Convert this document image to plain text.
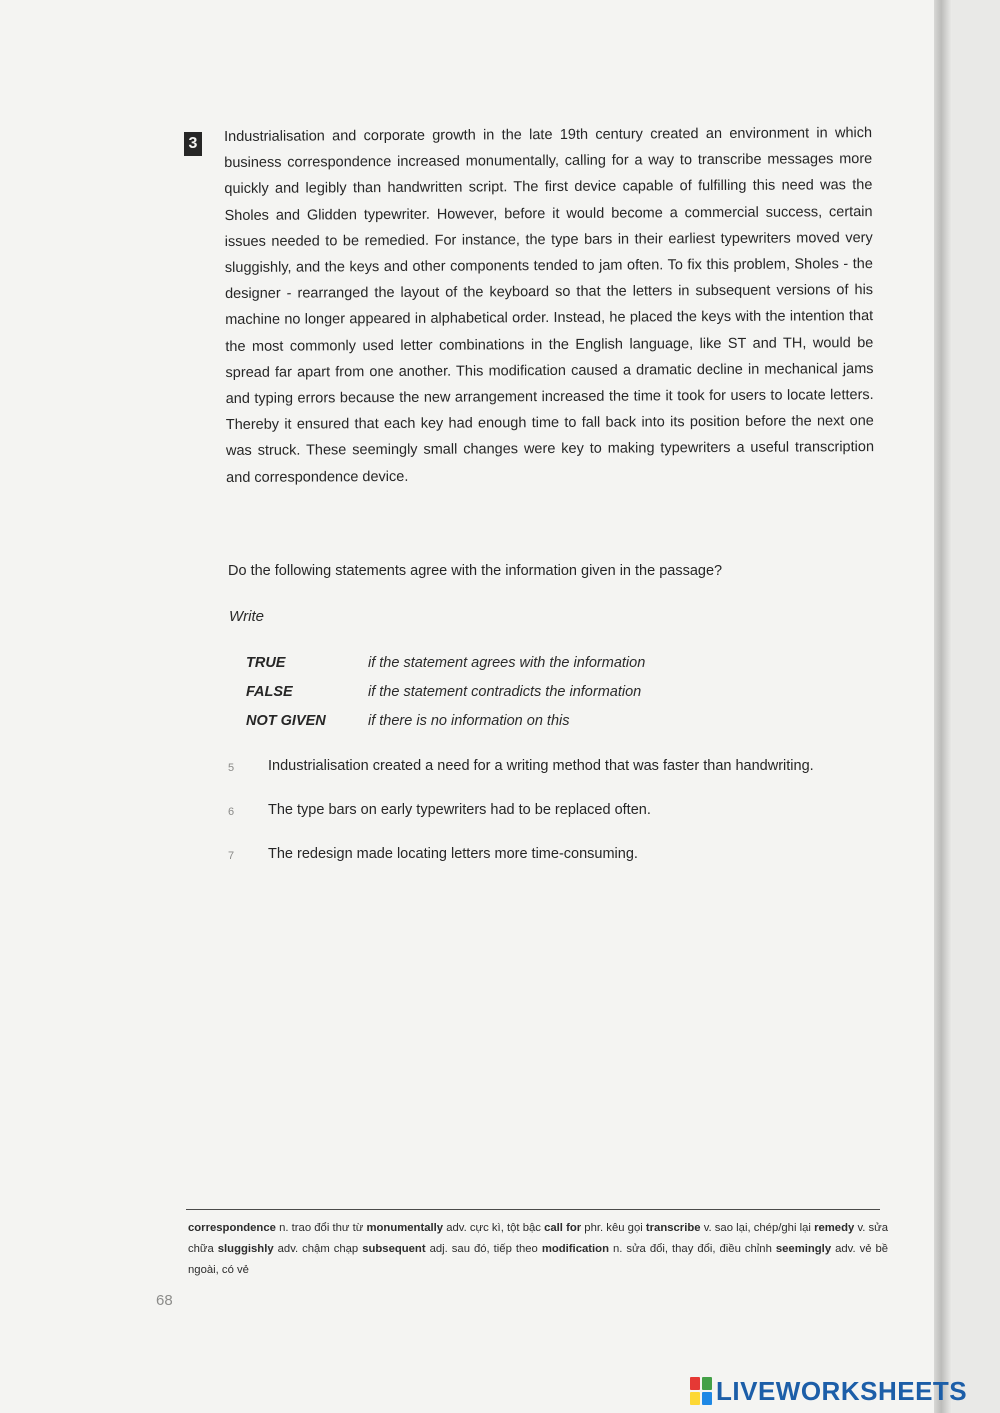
3	Industrialisation and corporate growth in the late 19th century created an environment in which business correspondence increased monumentally, calling for a way to transcribe messages more quickly and legibly than handwritten script. The first device capable of fulfilling this need was the Sholes and Glidden typewriter. However, before it would become a commercial success, certain issues needed to be remedied. For instance, the type bars in their earliest typewriters moved very sluggishly, and the keys and other components tended to jam often. To fix this problem, Sholes - the designer - rearranged the layout of the keyboard so that the letters in subsequent versions of his machine no longer appeared in alphabetical order. Instead, he placed the keys with the intention that the most commonly used letter combinations in the English language, like ST and TH, would be spread far apart from one another. This modification caused a dramatic decline in mechanical jams and typing errors because the new arrangement increased the time it took for users to locate letters. Thereby it ensured that each key had enough time to fall back into its position before the next one was struck. These seemingly small changes were key to making typewriters a useful transcription and correspondence device.
Do the following statements agree with the information given in the passage?
Write
TRUE	if the statement agrees with the information
FALSE	if the statement contradicts the information
NOT GIVEN	if there is no information on this
5	Industrialisation created a need for a writing method that was faster than handwriting.
6	The type bars on early typewriters had to be replaced often.
7	The redesign made locating letters more time-consuming.
correspondence n. trao đổi thư từ monumentally adv. cực kì, tột bậc call for phr. kêu gọi transcribe v. sao lại, chép/ghi lại remedy v. sửa chữa sluggishly adv. chậm chạp subsequent adj. sau đó, tiếp theo modification n. sửa đổi, thay đổi, điều chỉnh seemingly adv. vẻ bề ngoài, có vẻ
68
LIVEWORKSHEETS
